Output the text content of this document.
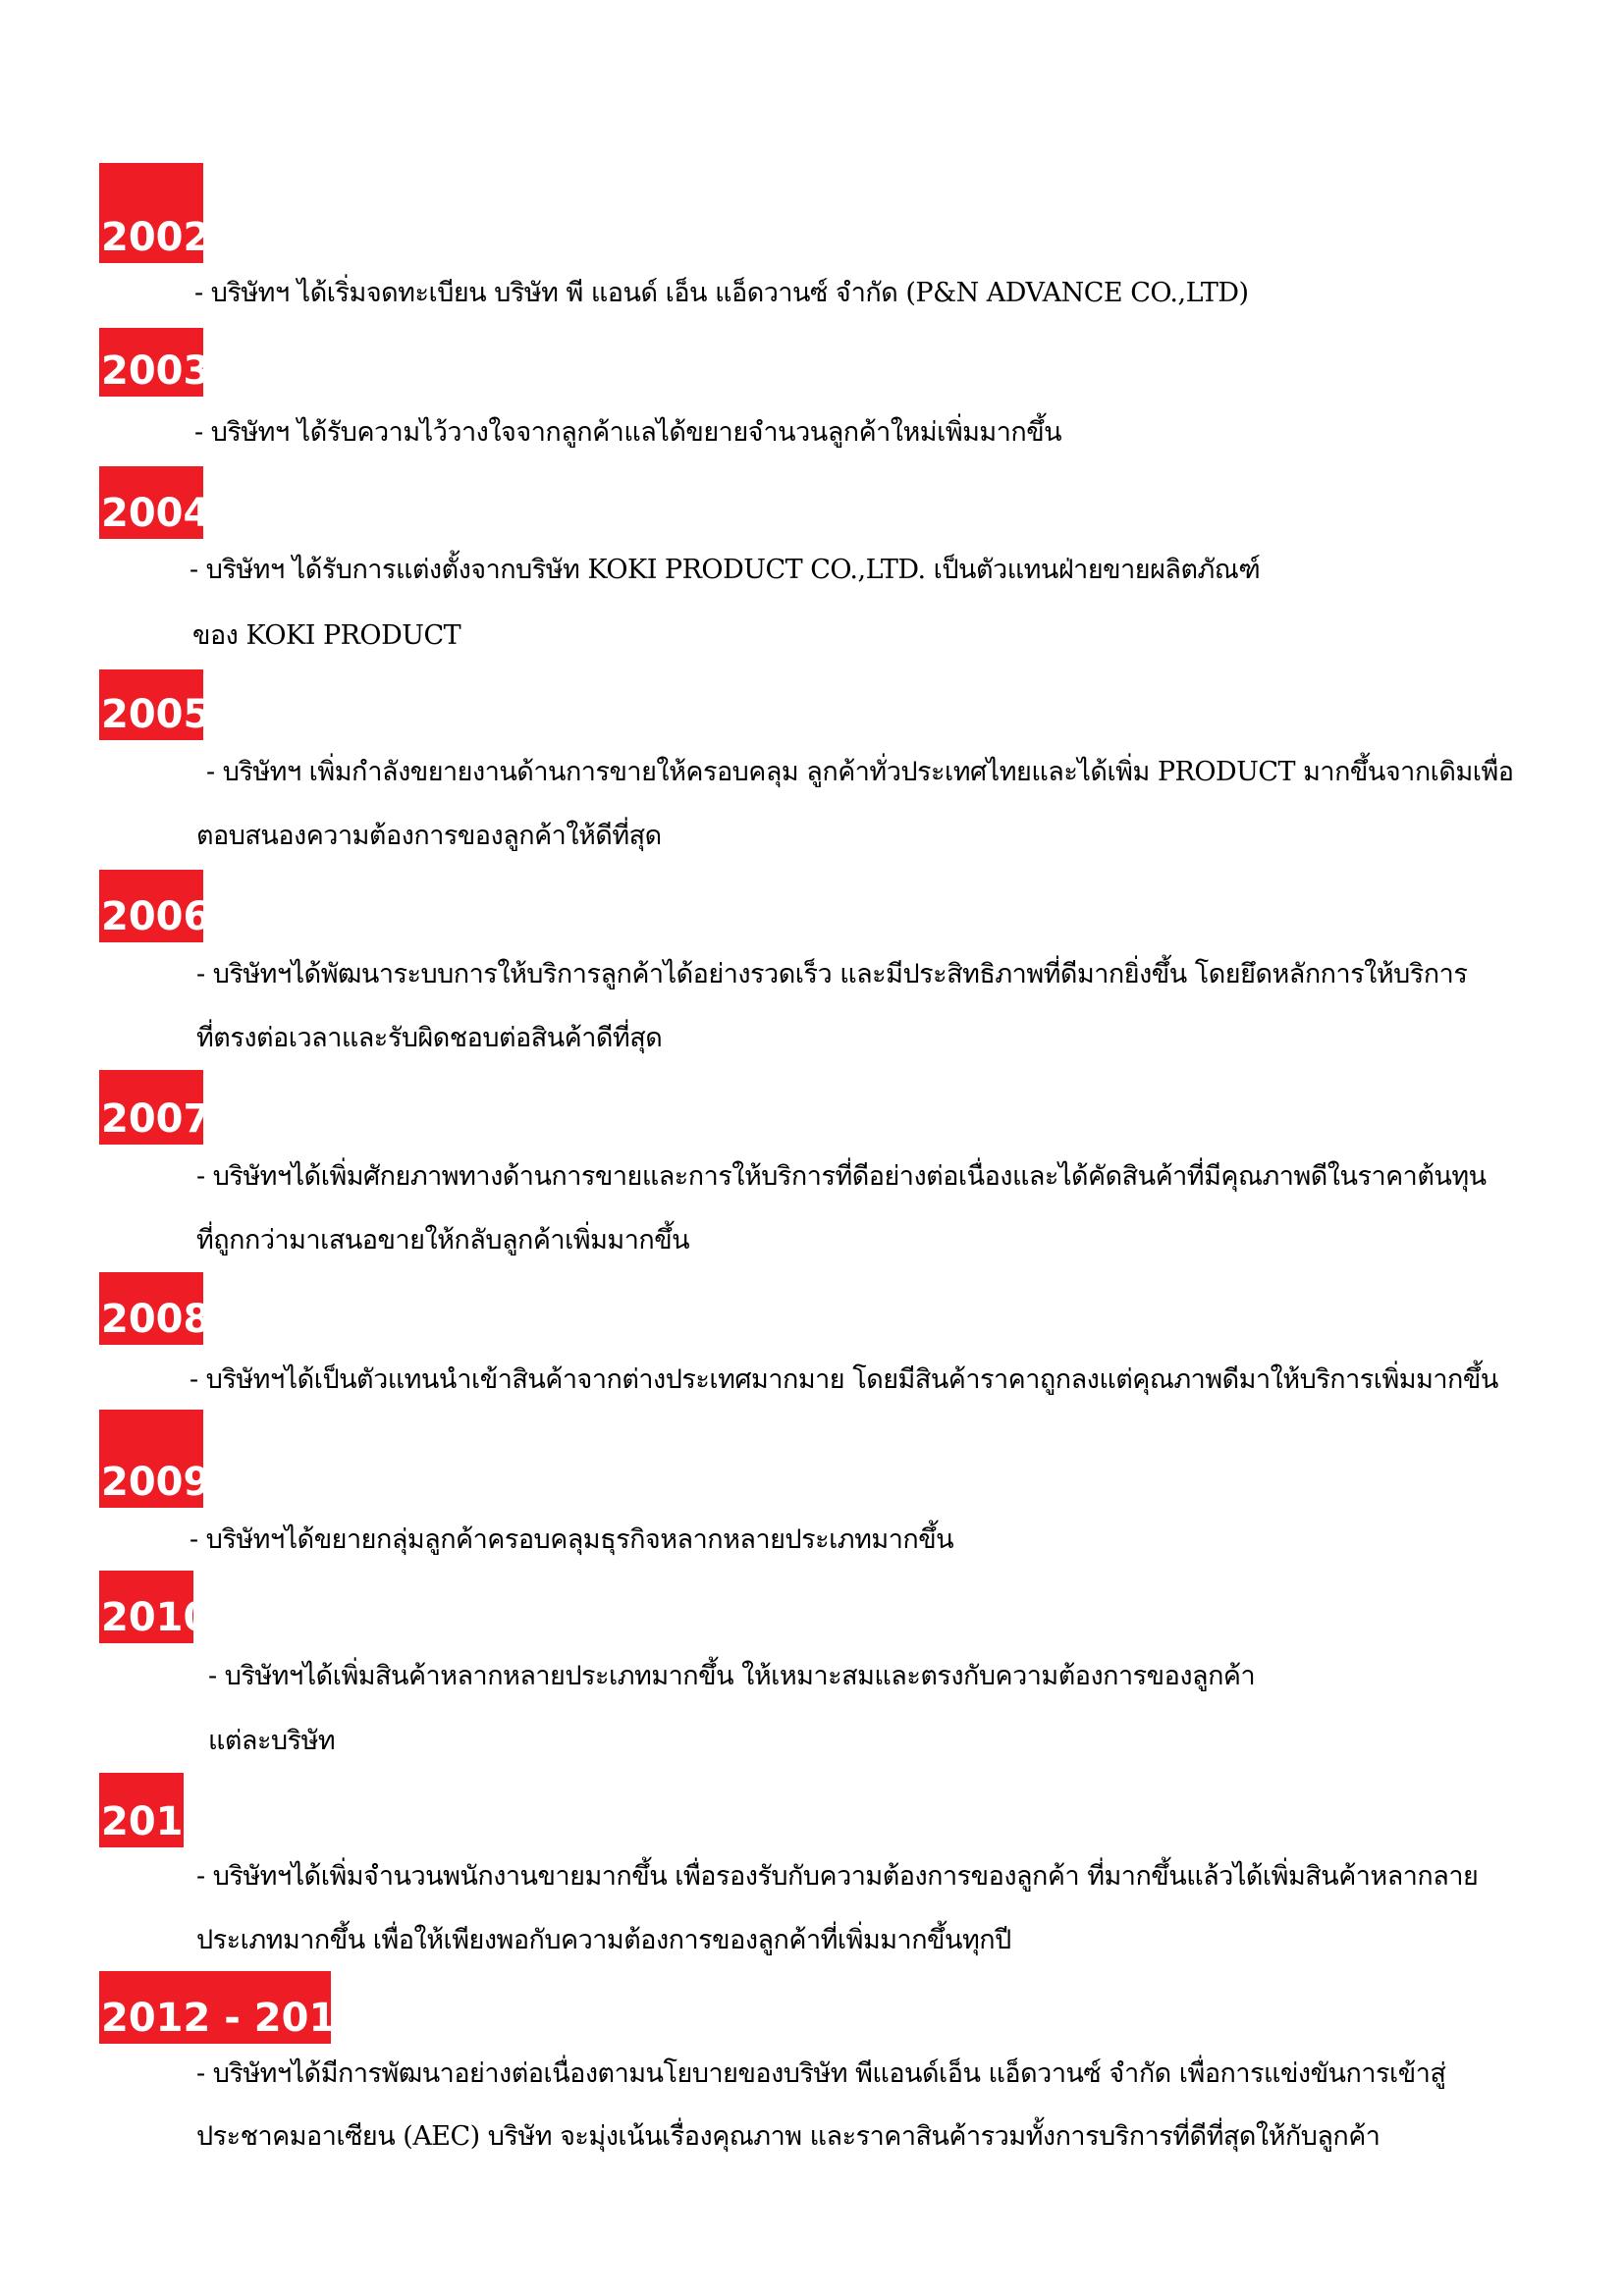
2002
- บริษัทฯ ได้เริ่มจดทะเบียน บริษัท พี แอนด์ เอ็น แอ็ดวานซ์ จำกัด (P&N ADVANCE CO.,LTD)
2003
- บริษัทฯ ได้รับความไว้วางใจจากลูกค้าแลได้ขยายจำนวนลูกค้าใหม่เพิ่มมากขึ้น
2004
- บริษัทฯ ได้รับการแต่งตั้งจากบริษัท KOKI PRODUCT CO.,LTD. เป็นตัวแทนฝ่ายขายผลิตภัณฑ์
ของ KOKI PRODUCT
2005
- บริษัทฯ เพิ่มกำลังขยายงานด้านการขายให้ครอบคลุม ลูกค้าทั่วประเทศไทยและได้เพิ่ม PRODUCT มากขึ้นจากเดิมเพื่อ
ตอบสนองความต้องการของลูกค้าให้ดีที่สุด
2006
- บริษัทฯได้พัฒนาระบบการให้บริการลูกค้าได้อย่างรวดเร็ว และมีประสิทธิภาพที่ดีมากยิ่งขึ้น โดยยึดหลักการให้บริการ
ที่ตรงต่อเวลาและรับผิดชอบต่อสินค้าดีที่สุด
2007
- บริษัทฯได้เพิ่มศักยภาพทางด้านการขายและการให้บริการที่ดีอย่างต่อเนื่องและได้คัดสินค้าที่มีคุณภาพดีในราคาต้นทุน
ที่ถูกกว่ามาเสนอขายให้กลับลูกค้าเพิ่มมากขึ้น
2008
- บริษัทฯได้เป็นตัวแทนนำเข้าสินค้าจากต่างประเทศมากมาย โดยมีสินค้าราคาถูกลงแต่คุณภาพดีมาให้บริการเพิ่มมากขึ้น
2009
- บริษัทฯได้ขยายกลุ่มลูกค้าครอบคลุมธุรกิจหลากหลายประเภทมากขึ้น
2010
- บริษัทฯได้เพิ่มสินค้าหลากหลายประเภทมากขึ้น ให้เหมาะสมและตรงกับความต้องการของลูกค้า
แต่ละบริษัท
2011
- บริษัทฯได้เพิ่มจำนวนพนักงานขายมากขึ้น เพื่อรองรับกับความต้องการของลูกค้า ที่มากขึ้นแล้วได้เพิ่มสินค้าหลากลาย
ประเภทมากขึ้น เพื่อให้เพียงพอกับความต้องการของลูกค้าที่เพิ่มมากขึ้นทุกปี
2012 - 2015
- บริษัทฯได้มีการพัฒนาอย่างต่อเนื่องตามนโยบายของบริษัท พีแอนด์เอ็น แอ็ดวานซ์ จำกัด เพื่อการแข่งขันการเข้าสู่
ประชาคมอาเซียน (AEC) บริษัท จะมุ่งเน้นเรื่องคุณภาพ และราคาสินค้ารวมทั้งการบริการที่ดีที่สุดให้กับลูกค้า
